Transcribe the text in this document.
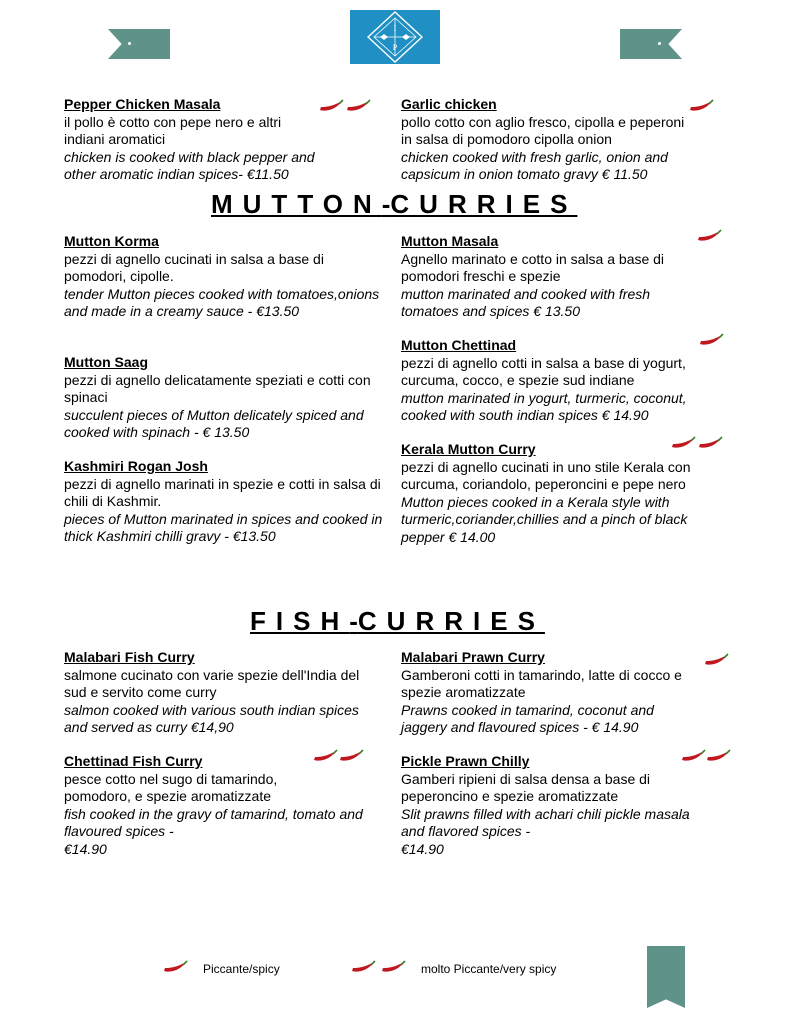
I
P
Pepper Chicken Masala
il pollo è cotto con pepe nero e altri indiani aromatici
chicken is cooked with black pepper and other aromatic indian spices- €11.50
Garlic chicken
pollo cotto con aglio fresco, cipolla e peperoni in salsa di pomodoro cipolla onion
chicken cooked with fresh garlic, onion and capsicum in onion tomato gravy € 11.50
MUTTON-CURRIES
Mutton Korma
pezzi di agnello cucinati in salsa a base di pomodori, cipolle.
tender Mutton pieces cooked with tomatoes,onions and made in a creamy sauce - €13.50
Mutton Saag
pezzi di agnello delicatamente speziati e cotti con spinaci
succulent pieces of Mutton delicately spiced and cooked with spinach - € 13.50
Kashmiri Rogan Josh
pezzi di agnello marinati in spezie e cotti in salsa di chili di Kashmir.
pieces of Mutton marinated in spices and cooked in thick Kashmiri chilli gravy - €13.50
Mutton Masala
Agnello marinato e cotto in salsa a base di pomodori freschi e spezie
mutton marinated and cooked with fresh tomatoes and spices € 13.50
Mutton Chettinad
pezzi di agnello cotti in salsa a base di yogurt, curcuma, cocco, e spezie sud indiane
mutton marinated in yogurt, turmeric, coconut, cooked with south indian spices € 14.90
Kerala Mutton Curry
pezzi di agnello cucinati in uno stile Kerala con curcuma, coriandolo, peperoncini e pepe nero
Mutton pieces cooked in a Kerala style with turmeric,coriander,chillies and a pinch of black pepper € 14.00
FISH-CURRIES
Malabari Fish Curry
salmone cucinato con varie spezie dell'India del sud e servito come curry
salmon cooked with various south indian spices and served as curry €14,90
Chettinad Fish Curry
pesce cotto nel sugo di tamarindo, pomodoro, e spezie aromatizzate
fish cooked in the gravy of tamarind, tomato and flavoured spices -
€14.90
Malabari Prawn Curry
Gamberoni cotti in tamarindo, latte di cocco e spezie aromatizzate
Prawns cooked in tamarind, coconut and jaggery and flavoured spices - € 14.90
Pickle Prawn Chilly
Gamberi ripieni di salsa densa a base di peperoncino e spezie aromatizzate
Slit prawns filled with achari chili pickle masala and flavored spices -
€14.90
Piccante/spicy	molto Piccante/very spicy
